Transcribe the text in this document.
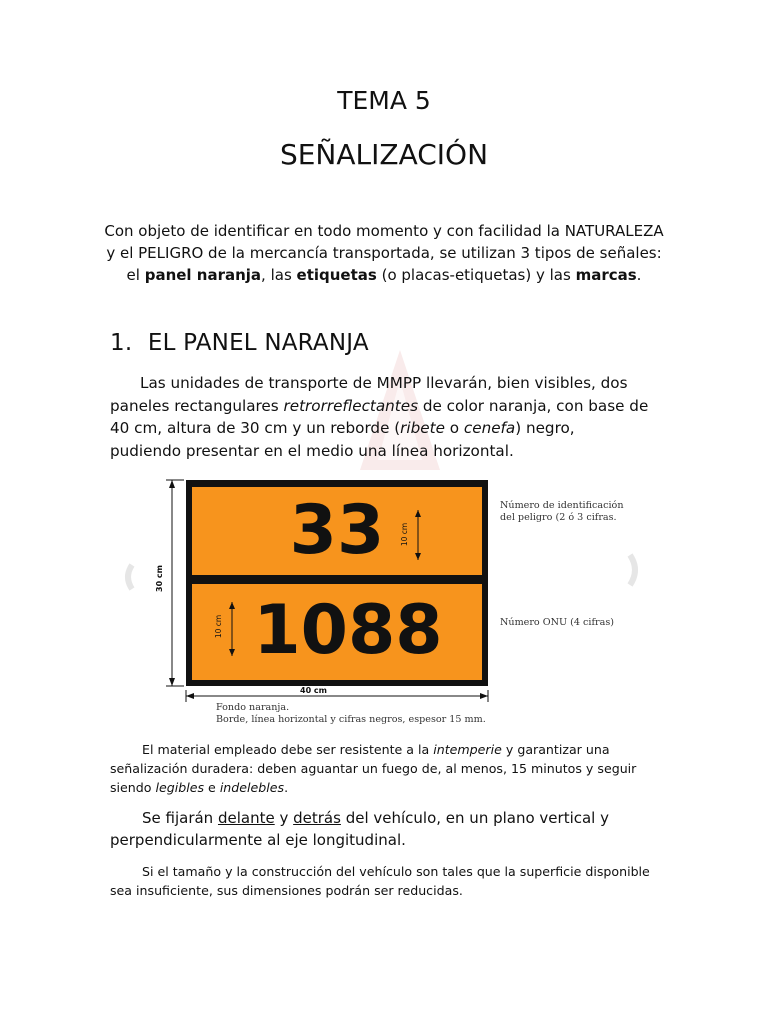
TEMA 5
SEÑALIZACIÓN

Con objeto de identificar en todo momento y con facilidad la NATURALEZA

y el PELIGRO de la mercancía transportada, se utilizan 3 tipos de señales:

el panel naranja, las etiquetas (o placas-etiquetas) y las marcas.

1. EL PANEL NARANJA

Las unidades de transporte de MMPP llevarán, bien visibles, dos paneles rectangulares retrorreflectantes de color naranja, con base de 40 cm, altura de 30 cm y un reborde (ribete o cenefa) negro, pudiendo presentar en el medio una línea horizontal.

30 cm
10 cm
10 cm
40 cm
33
1088
Número de identificación
del peligro (2 ó 3 cifras.
Número ONU (4 cifras)
Fondo naranja.
Borde, línea horizontal y cifras negros, espesor 15 mm.

El material empleado debe ser resistente a la intemperie y garantizar una señalización duradera: deben aguantar un fuego de, al menos, 15 minutos y seguir siendo legibles e indelebles.

Se fijarán delante y detrás del vehículo, en un plano vertical y perpendicularmente al eje longitudinal.

Si el tamaño y la construcción del vehículo son tales que la superficie disponible sea insuficiente, sus dimensiones podrán ser reducidas.
